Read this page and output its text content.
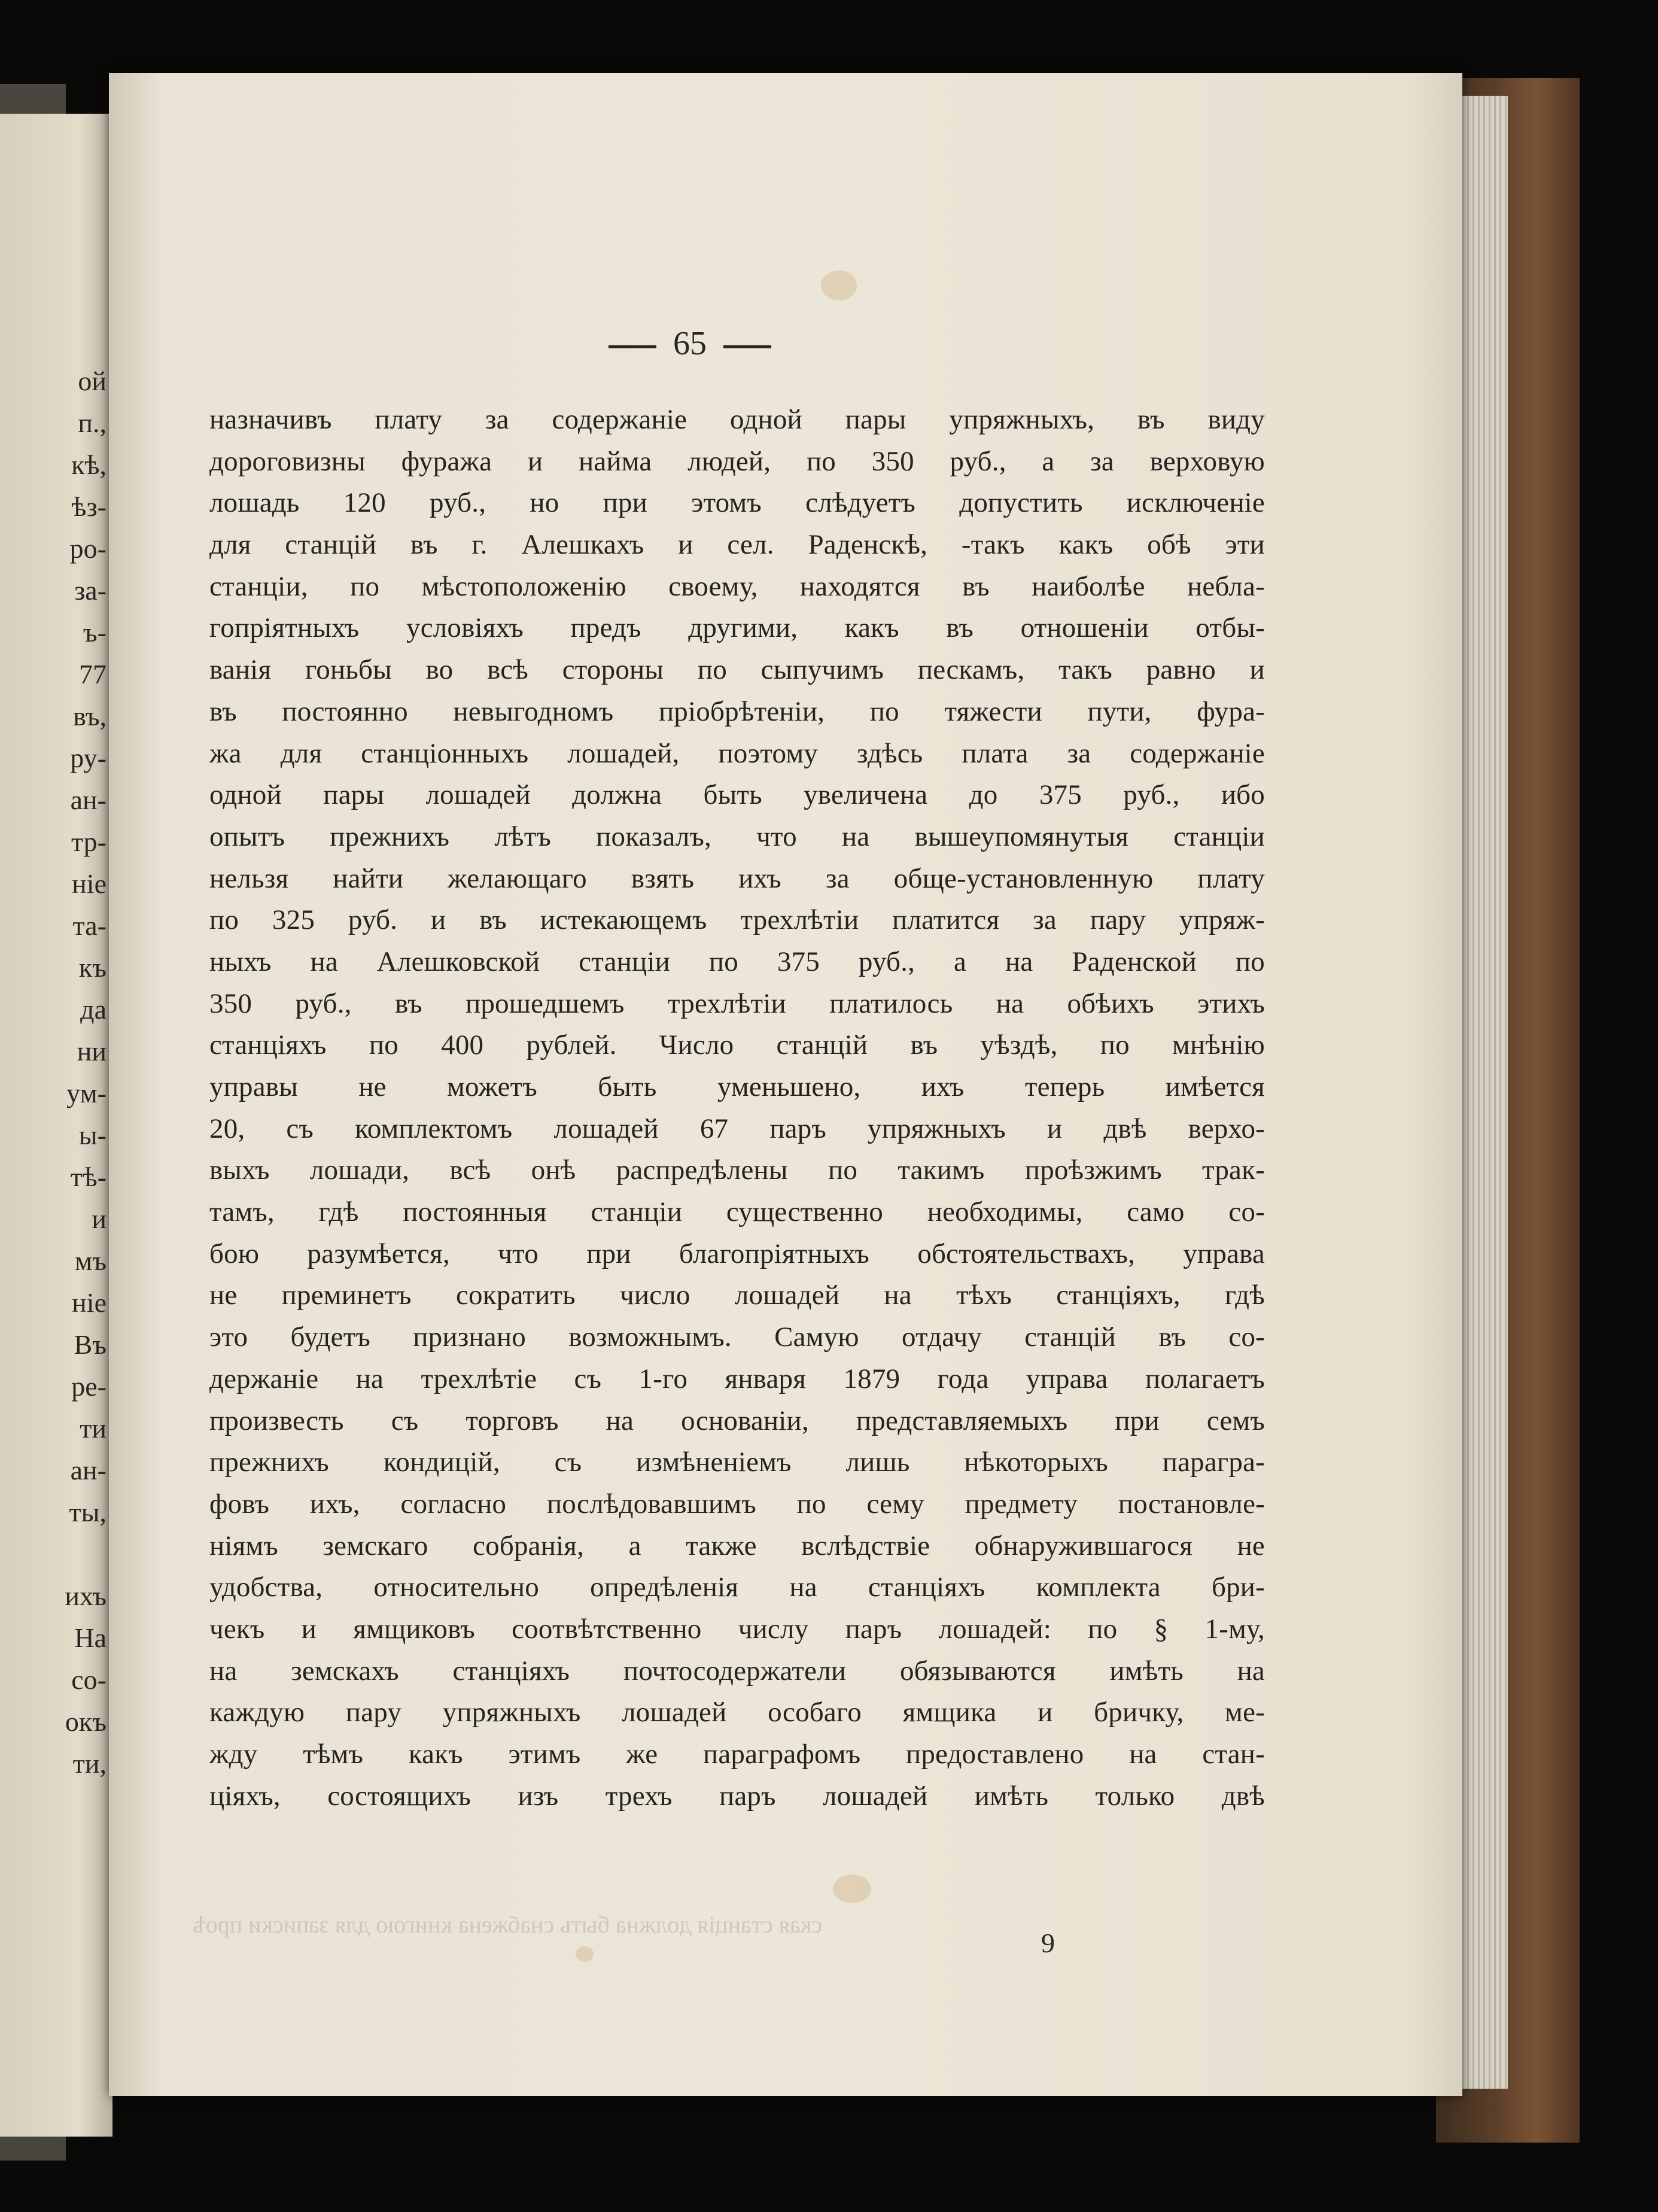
ой
п.,
кѣ,
ѣз-
ро-
за-
ъ-
77
въ,
ру-
ан-
тр-
ніе
та-
къ
да
ни
ум-
ы-
тѣ-
и
мъ
ніе
Въ
ре-
ти
ан-
ты,
ихъ
На
со-
окъ
ти,
65
назначивъ плату за содержаніе одной пары упряжныхъ, въ виду
дороговизны фуража и найма людей, по 350 руб., а за верховую
лошадь 120 руб., но при этомъ слѣдуетъ допустить исключеніе
для станцій въ г. Алешкахъ и сел. Раденскѣ, -такъ какъ обѣ эти
станціи, по мѣстоположенію своему, находятся въ наиболѣе небла-
гопріятныхъ условіяхъ предъ другими, какъ въ отношеніи отбы-
ванія гоньбы во всѣ стороны по сыпучимъ пескамъ, такъ равно и
въ постоянно невыгодномъ пріобрѣтеніи, по тяжести пути, фура-
жа для станціонныхъ лошадей, поэтому здѣсь плата за содержаніе
одной пары лошадей должна быть увеличена до 375 руб., ибо
опытъ прежнихъ лѣтъ показалъ, что на вышеупомянутыя станціи
нельзя найти желающаго взять ихъ за обще-установленную плату
по 325 руб. и въ истекающемъ трехлѣтіи платится за пару упряж-
ныхъ на Алешковской станціи по 375 руб., а на Раденской по
350 руб., въ прошедшемъ трехлѣтіи платилось на обѣихъ этихъ
станціяхъ по 400 рублей. Число станцій въ уѣздѣ, по мнѣнію
управы не можетъ быть уменьшено, ихъ теперь имѣется
20, съ комплектомъ лошадей 67 паръ упряжныхъ и двѣ верхо-
выхъ лошади, всѣ онѣ распредѣлены по такимъ проѣзжимъ трак-
тамъ, гдѣ постоянныя станціи существенно необходимы, само со-
бою разумѣется, что при благопріятныхъ обстоятельствахъ, управа
не преминетъ сократить число лошадей на тѣхъ станціяхъ, гдѣ
это будетъ признано возможнымъ. Самую отдачу станцій въ со-
держаніе на трехлѣтіе съ 1-го января 1879 года управа полагаетъ
произвесть съ торговъ на основаніи, представляемыхъ при семъ
прежнихъ кондицій, съ измѣненіемъ лишь нѣкоторыхъ парагра-
фовъ ихъ, согласно послѣдовавшимъ по сему предмету постановле-
ніямъ земскаго собранія, а также вслѣдствіе обнаружившагося не
удобства, относительно опредѣленія на станціяхъ комплекта бри-
чекъ и ямщиковъ соотвѣтственно числу паръ лошадей: по § 1-му,
на земскахъ станціяхъ почтосодержатели обязываются имѣть на
каждую пару упряжныхъ лошадей особаго ямщика и бричку, ме-
жду тѣмъ какъ этимъ же параграфомъ предоставлено на стан-
ціяхъ, состоящихъ изъ трехъ паръ лошадей имѣть только двѣ
ская станція должна быть снабжена книгою для записки проѣ
9
